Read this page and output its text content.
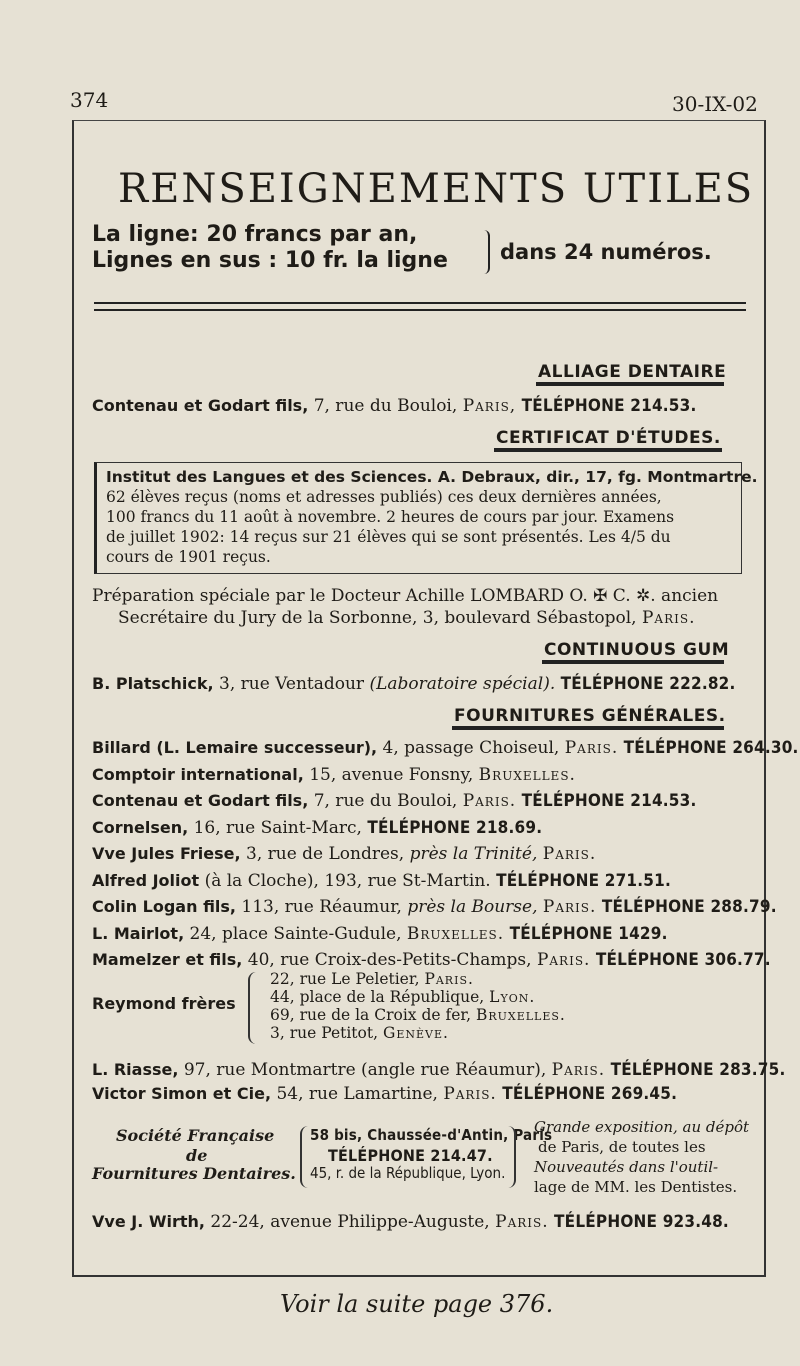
374	30-IX-02
RENSEIGNEMENTS UTILES
La ligne: 20 francs par an,
Lignes en sus : 10 fr. la ligne dans 24 numéros.
ALLIAGE DENTAIRE
Contenau et Godart fils, 7, rue du Bouloi, Paris, TÉLÉPHONE 214.53.
CERTIFICAT D'ÉTUDES.
Institut des Langues et des Sciences. A. Debraux, dir., 17, fg. Montmartre.
62 élèves reçus (noms et adresses publiés) ces deux dernières années,
100 francs du 11 août à novembre. 2 heures de cours par jour. Examens
de juillet 1902: 14 reçus sur 21 élèves qui se sont présentés. Les 4/5 du
cours de 1901 reçus.
Préparation spéciale par le Docteur Achille LOMBARD O. ✠ C. ✲. ancien
Secrétaire du Jury de la Sorbonne, 3, boulevard Sébastopol, Paris.
CONTINUOUS GUM
B. Platschick, 3, rue Ventadour (Laboratoire spécial). TÉLÉPHONE 222.82.
FOURNITURES GÉNÉRALES.
Billard (L. Lemaire successeur), 4, passage Choiseul, Paris. TÉLÉPHONE 264.30.
Comptoir international, 15, avenue Fonsny, Bruxelles.
Contenau et Godart fils, 7, rue du Bouloi, Paris. TÉLÉPHONE 214.53.
Cornelsen, 16, rue Saint-Marc, TÉLÉPHONE 218.69.
Vve Jules Friese, 3, rue de Londres, près la Trinité, Paris.
Alfred Joliot (à la Cloche), 193, rue St-Martin. TÉLÉPHONE 271.51.
Colin Logan fils, 113, rue Réaumur, près la Bourse, Paris. TÉLÉPHONE 288.79.
L. Mairlot, 24, place Sainte-Gudule, Bruxelles. TÉLÉPHONE 1429.
Mamelzer et fils, 40, rue Croix-des-Petits-Champs, Paris. TÉLÉPHONE 306.77.
Reymond frères
22, rue Le Peletier, Paris.
44, place de la République, Lyon.
69, rue de la Croix de fer, Bruxelles.
3, rue Petitot, Genève.
L. Riasse, 97, rue Montmartre (angle rue Réaumur), Paris. TÉLÉPHONE 283.75.
Victor Simon et Cie, 54, rue Lamartine, Paris. TÉLÉPHONE 269.45.
Société Française
de
Fournitures Dentaires.
58 bis, Chaussée-d'Antin, Paris
TÉLÉPHONE 214.47.
45, r. de la République, Lyon.
Grande exposition, au dépôt
de Paris, de toutes les
Nouveautés dans l'outil-
lage de MM. les Dentistes.
Vve J. Wirth, 22-24, avenue Philippe-Auguste, Paris. TÉLÉPHONE 923.48.
Voir la suite page 376.
